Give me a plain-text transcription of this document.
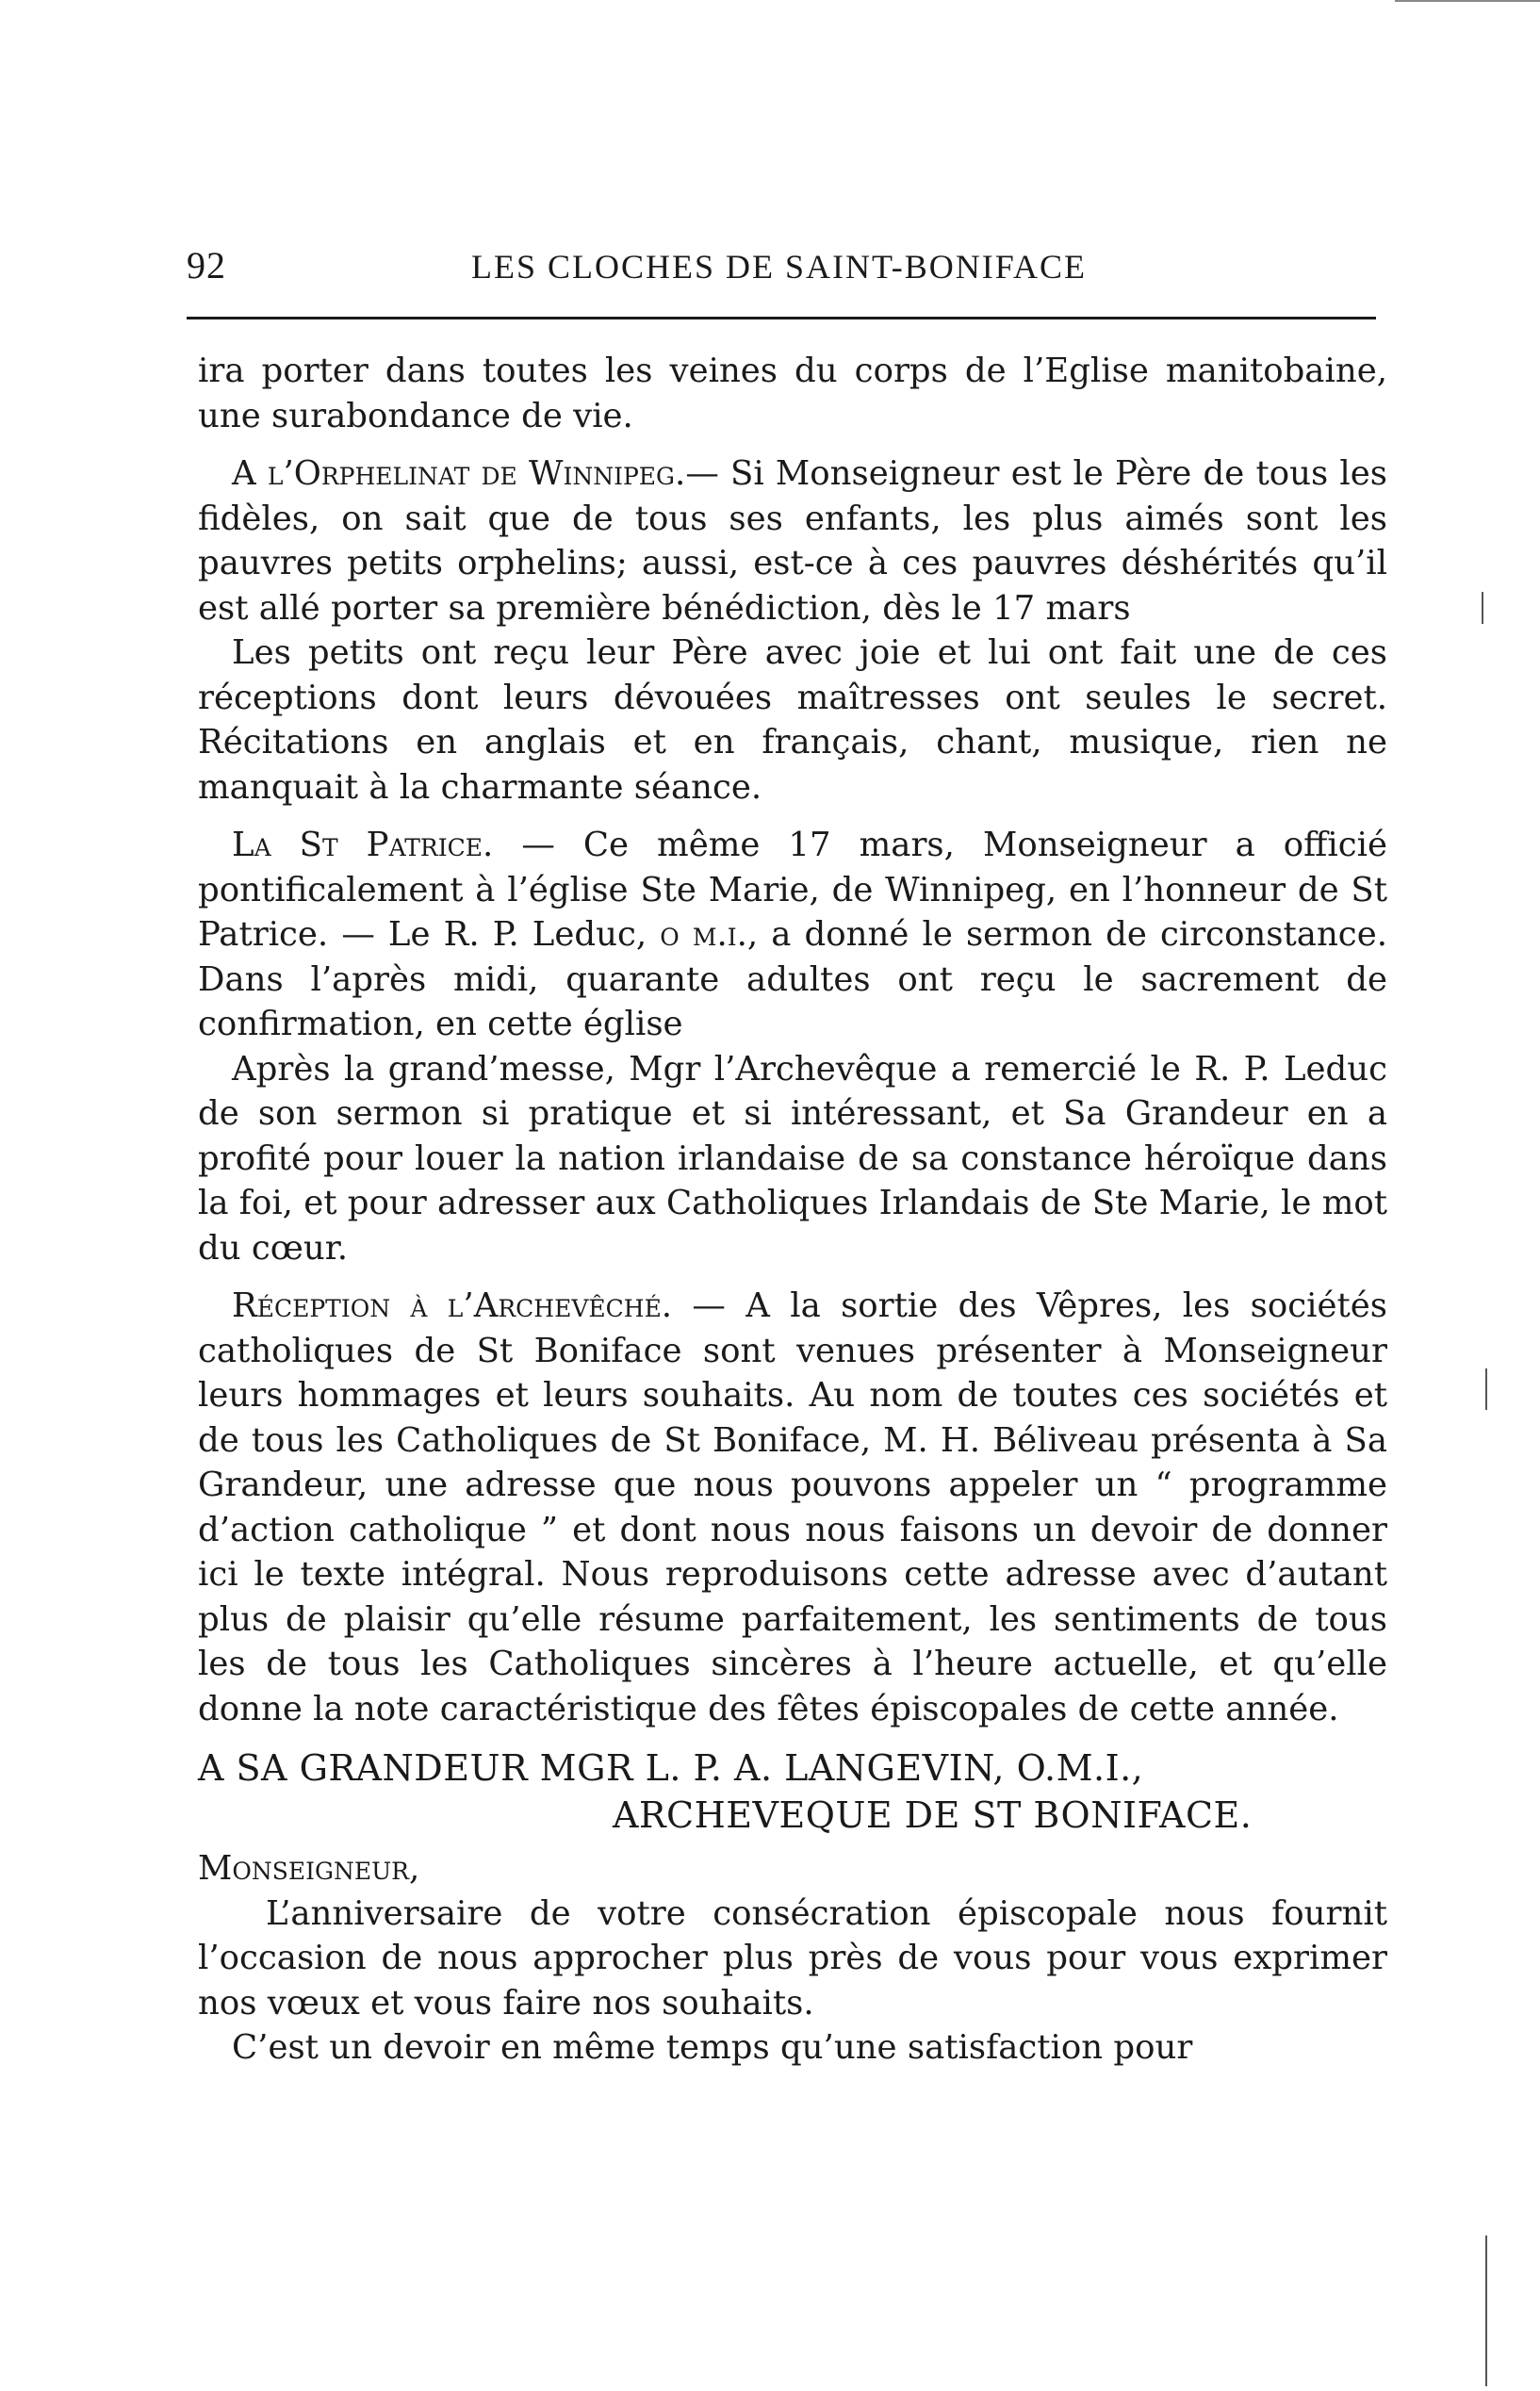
92	LES CLOCHES DE SAINT-BONIFACE

ira porter dans toutes les veines du corps de l’Eglise manitobaine, une surabondance de vie.

A l’Orphelinat de Winnipeg.— Si Monseigneur est le Père de tous les fidèles, on sait que de tous ses enfants, les plus aimés sont les pauvres petits orphelins; aussi, est-ce à ces pauvres déshérités qu’il est allé porter sa première bénédiction, dès le 17 mars

Les petits ont reçu leur Père avec joie et lui ont fait une de ces réceptions dont leurs dévouées maîtresses ont seules le secret. Récitations en anglais et en français, chant, musique, rien ne manquait à la charmante séance.

La St Patrice. — Ce même 17 mars, Monseigneur a officié pontificalement à l’église Ste Marie, de Winnipeg, en l’honneur de St Patrice. — Le R. P. Leduc, o m.i., a donné le sermon de circonstance. Dans l’après midi, quarante adultes ont reçu le sacrement de confirmation, en cette église

Après la grand’messe, Mgr l’Archevêque a remercié le R. P. Leduc de son sermon si pratique et si intéressant, et Sa Grandeur en a profité pour louer la nation irlandaise de sa constance héroïque dans la foi, et pour adresser aux Catholiques Irlandais de Ste Marie, le mot du cœur.

Réception à l’Archevêché. — A la sortie des Vêpres, les sociétés catholiques de St Boniface sont venues présenter à Monseigneur leurs hommages et leurs souhaits. Au nom de toutes ces sociétés et de tous les Catholiques de St Boniface, M. H. Béliveau présenta à Sa Grandeur, une adresse que nous pouvons appeler un “ programme d’action catholique ” et dont nous nous faisons un devoir de donner ici le texte intégral. Nous reproduisons cette adresse avec d’autant plus de plaisir qu’elle résume parfaitement, les sentiments de tous les de tous les Catholiques sincères à l’heure actuelle, et qu’elle donne la note caractéristique des fêtes épiscopales de cette année.

A SA GRANDEUR MGR L. P. A. LANGEVIN, O.M.I.,
ARCHEVEQUE DE ST BONIFACE.

Monseigneur,

L’anniversaire de votre consécration épiscopale nous fournit l’occasion de nous approcher plus près de vous pour vous exprimer nos vœux et vous faire nos souhaits.

C’est un devoir en même temps qu’une satisfaction pour
